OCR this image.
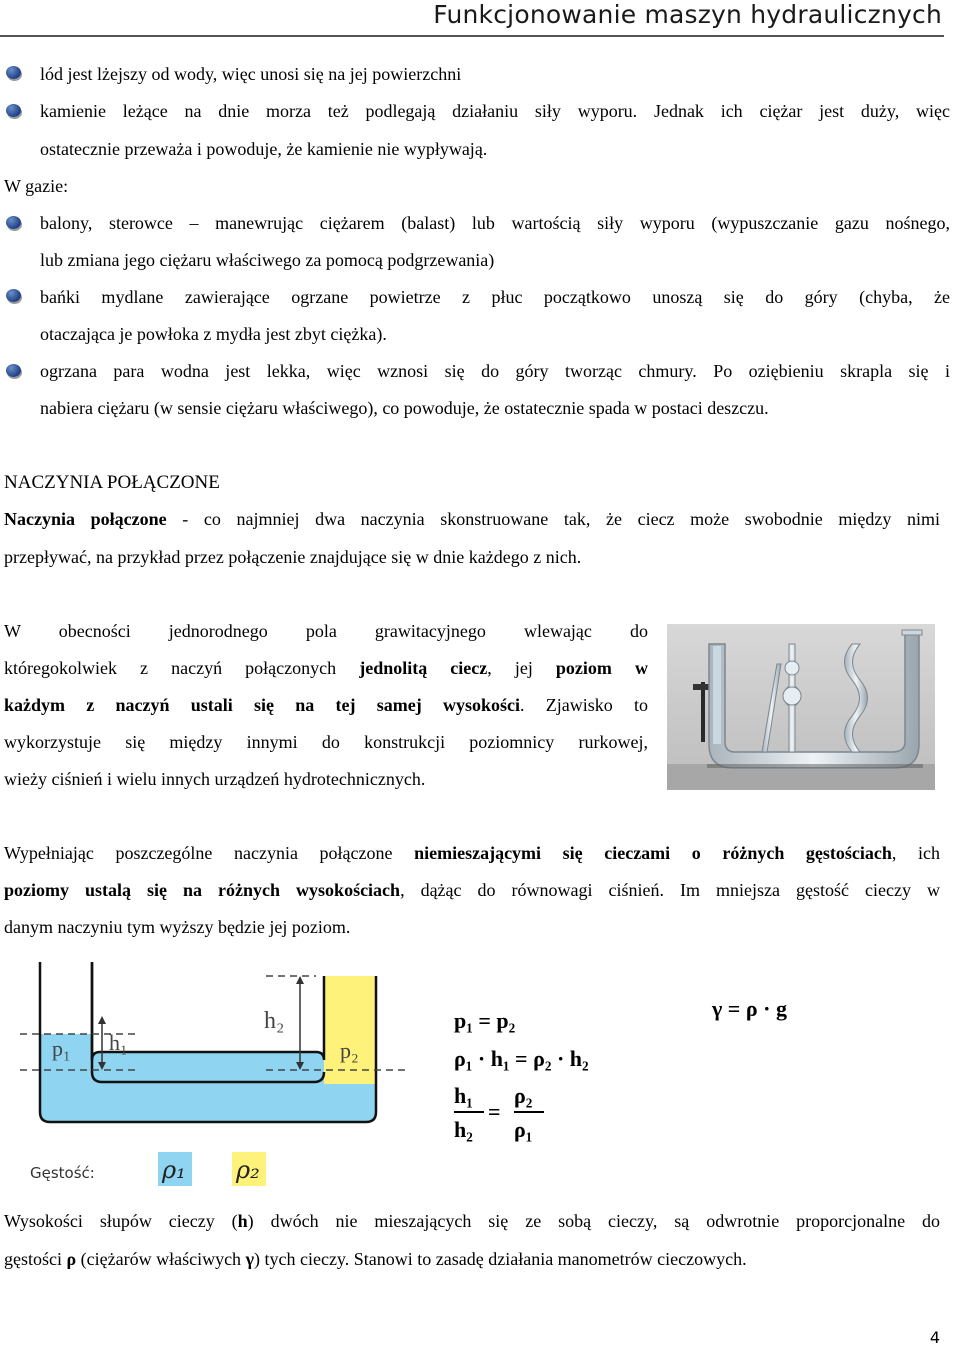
Funkcjonowanie maszyn hydraulicznych
lód jest lżejszy od wody, więc unosi się na jej powierzchni
kamienie leżące na dnie morza też podlegają działaniu siły wyporu. Jednak ich ciężar jest duży, więc
ostatecznie przeważa i powoduje, że kamienie nie wypływają.
W gazie:
balony, sterowce – manewrując ciężarem (balast) lub wartością siły wyporu (wypuszczanie gazu nośnego,
lub zmiana jego ciężaru właściwego za pomocą podgrzewania)
bańki mydlane zawierające ogrzane powietrze z płuc początkowo unoszą się do góry (chyba, że
otaczająca je powłoka z mydła jest zbyt ciężka).
ogrzana para wodna jest lekka, więc wznosi się do góry tworząc chmury. Po oziębieniu skrapla się i
nabiera ciężaru (w sensie ciężaru właściwego), co powoduje, że ostatecznie spada w postaci deszczu.
NACZYNIA POŁĄCZONE
Naczynia połączone - co najmniej dwa naczynia skonstruowane tak, że ciecz może swobodnie między nimi
przepływać, na przykład przez połączenie znajdujące się w dnie każdego z nich.
W obecności jednorodnego pola grawitacyjnego wlewając do
któregokolwiek z naczyń połączonych jednolitą ciecz, jej poziom w
każdym z naczyń ustali się na tej samej wysokości. Zjawisko to
wykorzystuje się między innymi do konstrukcji poziomnicy rurkowej,
wieży ciśnień i wielu innych urządzeń hydrotechnicznych.
Wypełniając poszczególne naczynia połączone niemieszającymi się cieczami o różnych gęstościach, ich
poziomy ustalą się na różnych wysokościach, dążąc do równowagi ciśnień. Im mniejsza gęstość cieczy w
danym naczyniu tym wyższy będzie jej poziom.
p₁ h₁
h₂
p₂
Gęstość:	ρ₁ ρ₂
p₁ = p₂
ρ₁ · h₁ = ρ₂ · h₂
γ = ρ · g
h₁
h₂
=
ρ₂
ρ₁
Wysokości słupów cieczy (h) dwóch nie mieszających się ze sobą cieczy, są odwrotnie proporcjonalne do
gęstości ρ (ciężarów właściwych γ) tych cieczy. Stanowi to zasadę działania manometrów cieczowych.
4
